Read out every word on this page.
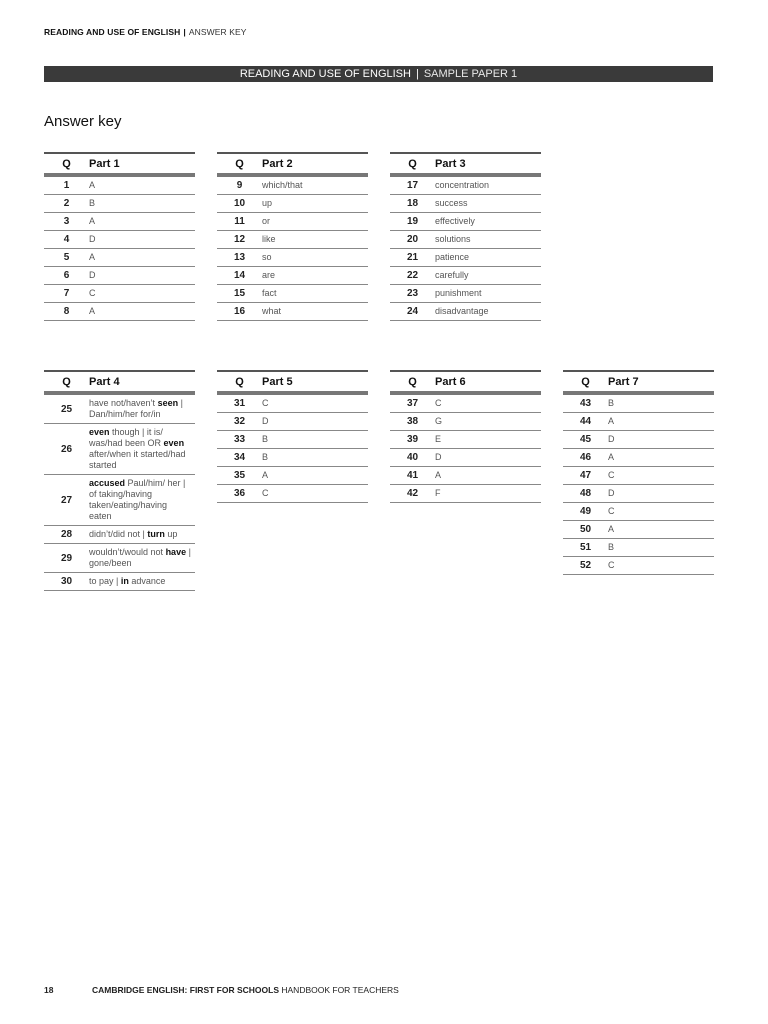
READING AND USE OF ENGLISH | ANSWER KEY
READING AND USE OF ENGLISH | SAMPLE PAPER 1
Answer key
Q	Part 1
1	A
2	B
3	A
4	D
5	A
6	D
7	C
8	A
Q	Part 2
9	which/that
10	up
11	or
12	like
13	so
14	are
15	fact
16	what
Q	Part 3
17	concentration
18	success
19	effectively
20	solutions
21	patience
22	carefully
23	punishment
24	disadvantage
Q	Part 4
25	have not/haven’t seen | Dan/him/her for/in
26	even though | it is/ was/had been OR even after/when it started/had started
27	accused Paul/him/ her | of taking/having taken/eating/having eaten
28	didn’t/did not | turn up
29	wouldn’t/would not have | gone/been
30	to pay | in advance
Q	Part 5
31	C
32	D
33	B
34	B
35	A
36	C
Q	Part 6
37	C
38	G
39	E
40	D
41	A
42	F
Q	Part 7
43	B
44	A
45	D
46	A
47	C
48	D
49	C
50	A
51	B
52	C
18	CAMBRIDGE ENGLISH: FIRST FOR SCHOOLS HANDBOOK FOR TEACHERS
